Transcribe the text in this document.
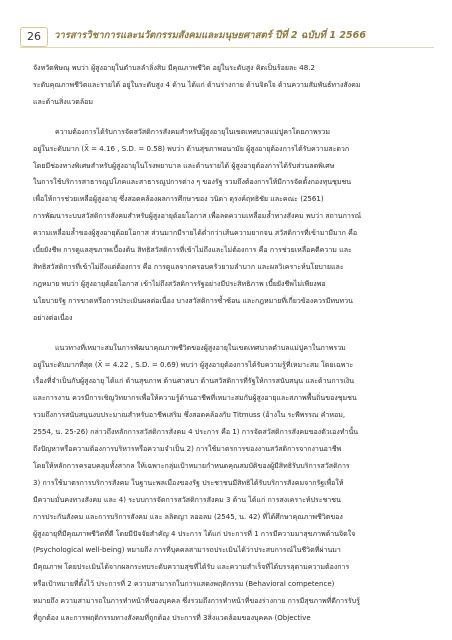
26	วารสารวิชาการและนวัตกรรมสังคมและมนุษยศาสตร์ ปีที่ 2 ฉบับที่ 1 2566

จังหวัดพิษณุ พบว่า ผู้สูงอายุในตำบลลำลิ่งสิบ มีคุณภาพชีวิต อยู่ในระดับสูง คิดเป็นร้อยละ 48.2
ระดับคุณภาพชีวิตและรายได้ อยู่ในระดับสูง 4 ด้าน ได้แก่ ด้านร่างกาย ด้านจิตใจ ด้านความสัมพันธ์ทางสังคม
และด้านสิ่งแวดล้อม

ความต้องการได้รับการจัดสวัสดิการสังคมสำหรับผู้สูงอายุในเขตเทศบาลแม่ปูคาโดยภาพรวม
อยู่ในระดับมาก (X̄ = 4.16 , S.D. = 0.58) พบว่า ด้านสุขภาพอนามัย ผู้สูงอายุต้องการได้รับความสะดวก
โดยมีช่องทางพิเศษสำหรับผู้สูงอายุในโรงพยาบาล และด้านรายได้ ผู้สูงอายุต้องการได้รับส่วนลดพิเศษ
ในการใช้บริการสาธารณูปโภคและสาธารณูปการต่าง ๆ ของรัฐ รวมถึงต้องการให้มีการจัดตั้งกองทุนชุมชน
เพื่อให้การช่วยเหลือผู้สูงอายุ ซึ่งสอดคล้องผลการศึกษาของ วนิดา ดุรงค์ฤทธิชัย และคณะ (2561)
การพัฒนาระบบสวัสดิการสังคมสำหรับผู้สูงอายุด้อยโอกาส เพื่อลดความเหลื่อมล้ำทางสังคม พบว่า สถานการณ์
ความเหลื่อมล้ำของผู้สูงอายุด้อยโอกาส ส่วนมากมีรายได้ต่ำกว่าเส้นความยากจน สวัสดิการที่เข้ามามีมาก คือ
เบี้ยยังชีพ การดูแลสุขภาพเบื้องต้น สิทธิสวัสดิการที่เข้าไม่ถึงและไม่ต้องการ คือ การช่วยเหลือคดีความ และ
สิทธิสวัสดิการที่เข้าไม่ถึงแต่ต้องการ คือ การดูแลจากครอบครัวยามลำบาก และผลวิเคราะห์นโยบายและ
กฎหมาย พบว่า ผู้สูงอายุด้อยโอกาส เข้าไม่ถึงสวัสดิการรัฐอย่างมีประสิทธิภาพ เบี้ยยังชีพไม่เพียงพอ
นโยบายรัฐ การขาดหรือการประเมินผลต่อเนื่อง บางสวัสดิการซ้ำซ้อน และกฎหมายที่เกี่ยวข้องควรมีทบทวน
อย่างต่อเนื่อง

แนวทางที่เหมาะสมในการพัฒนาคุณภาพชีวิตของผู้สูงอายุในเขตเทศบาลตำบลแม่ปูคาในภาพรวม
อยู่ในระดับมากที่สุด (X̄ = 4.22 , S.D. = 0.69) พบว่า ผู้สูงอายุต้องการได้รับความรู้ที่เหมาะสม โดยเฉพาะ
เรื่องที่จำเป็นกับผู้สูงอายุ ได้แก่ ด้านสุขภาพ ด้านศาสนา ด้านสวัสดิการที่รัฐให้การสนับสนุน และด้านการเงิน
และการงาน ควรมีการเชิญวิทยากรเพื่อให้ความรู้ด้านอาชีพที่เหมาะสมกับผู้สูงอายุและสภาพพื้นถิ่นของชุมชน
รวมถึงการสนับสนุนงบประมาณสำหรับอาชีพเสริม ซึ่งสอดคล้องกับ Titmuss (อ้างใน ระพีพรรณ คำหอม,
2554, น. 25-26) กล่าวถึงหลักการสวัสดิการสังคม 4 ประการ คือ 1) การจัดสวัสดิการสังคมของตัวเองทำนั้น
ถึงปัญหาหรือความต้องการบริหารหรือความจำเป็น 2) การใช้มาตรการของงานสวัสดิการจากงานอาชีพ
โดยให้หลักการครอบคลุมทั้งสากล ให้เฉพาะกลุ่มเป้าหมายกำหนดคุณสมบัติของผู้มีสิทธิรับบริการสวัสดิการ
3) การใช้มาตรการบริการสังคม ในฐานะพลเมืองของรัฐ ประชาชนมีสิทธิได้รับบริการสังคมจากรัฐเพื่อให้
มีความมั่นคงทางสังคม และ 4) ระบบการจัดการสวัสดิการสังคม 3 ด้าน ได้แก่ การสงเคราะห์ประชาชน
การประกันสังคม และการบริการสังคม และ ลลิตญา ลออลม (2545, น. 42) ที่ได้ศึกษาคุณภาพชีวิตของ
ผู้สูงอายุที่มีคุณภาพชีวิตที่ดี โดยมีปัจจัยสำคัญ 4 ประการ ได้แก่ ประการที่ 1 การมีความมาสุขภาพด้านจิตใจ
(Psychological well-being) หมายถึง การที่บุคคลสามารถประเมินได้ว่าประสบการณ์ในชีวิตที่ผ่านมา
มีคุณภาพ โดยประเมินได้จากผลกระทบระดับความสุขที่ได้รับ และความสำเร็จที่ได้บรรลุตามความต้องการ
หรือเป้าหมายที่ตั้งไว้ ประการที่ 2 ความสามารถในการแสดงพฤติกรรม (Behavioral competence)
หมายถึง ความสามารถในการทำหน้าที่ของบุคคล ซึ่งรวมถึงการทำหน้าที่ของร่างกาย การมีสุขภาพที่ดีการรับรู้
ที่ถูกต้อง และการพฤติกรรมทางสังคมที่ถูกต้อง ประการที่ 3สิ่งแวดล้อมของบุคคล (Objective
